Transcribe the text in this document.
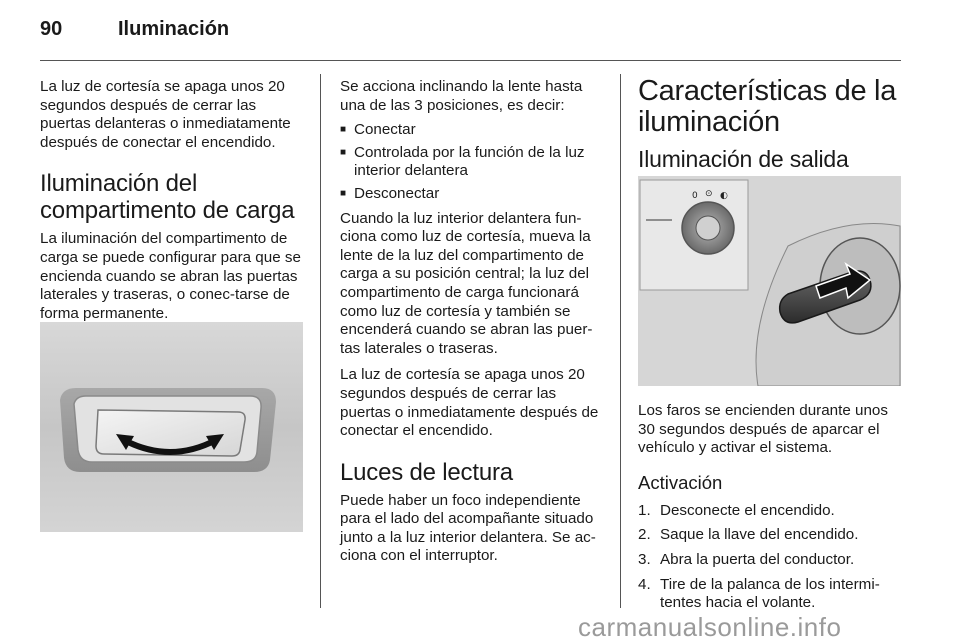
90	Iluminación

La luz de cortesía se apaga unos 20 segundos después de cerrar las puertas delanteras o inmediatamente después de conectar el encendido.

Iluminación del compartimento de carga

La iluminación del compartimento de carga se puede configurar para que se encienda cuando se abran las puertas laterales y traseras, o conec‐tarse de forma permanente.

Se acciona inclinando la lente hasta una de las 3 posiciones, es decir:

■ Conectar
■ Controlada por la función de la luz interior delantera
■ Desconectar

Cuando la luz interior delantera fun‐ciona como luz de cortesía, mueva la lente de la luz del compartimento de carga a su posición central; la luz del compartimento de carga funcionará como luz de cortesía y también se encenderá cuando se abran las puer‐tas laterales o traseras.

La luz de cortesía se apaga unos 20 segundos después de cerrar las puertas o inmediatamente después de conectar el encendido.

Luces de lectura

Puede haber un foco independiente para el lado del acompañante situado junto a la luz interior delantera. Se ac‐ciona con el interruptor.

Características de la iluminación
Iluminación de salida
0 ⊙ ◐

Los faros se encienden durante unos 30 segundos después de aparcar el vehículo y activar el sistema.

Activación
1. Desconecte el encendido.
2. Saque la llave del encendido.
3. Abra la puerta del conductor.
4. Tire de la palanca de los intermi‐tentes hacia el volante.
carmanualsonline.info
